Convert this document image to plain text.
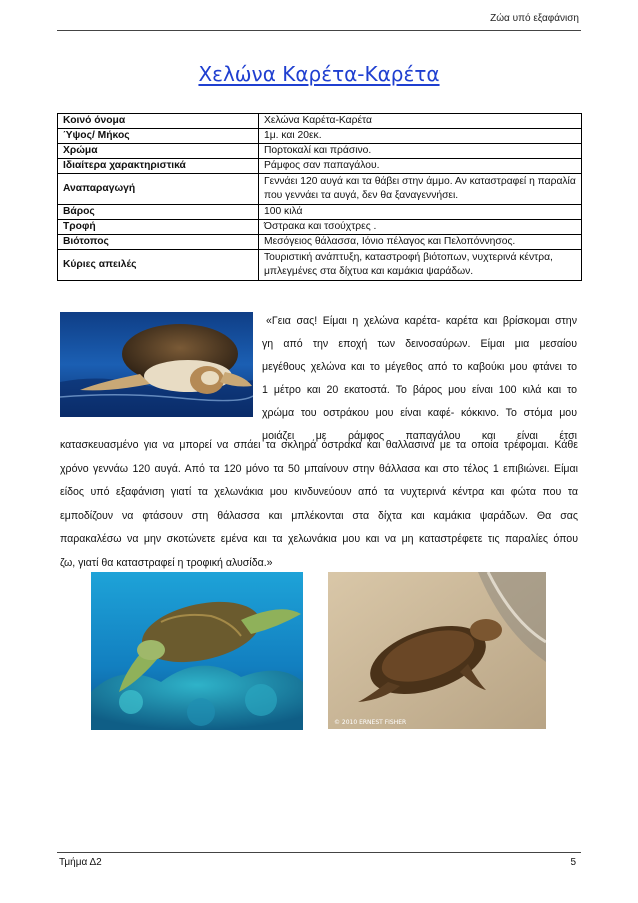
Ζώα υπό εξαφάνιση
Χελώνα Καρέτα-Καρέτα
Κοινό όνομα	Χελώνα Καρέτα-Καρέτα
Ύψος/ Μήκος	1μ. και 20εκ.
Χρώμα	Πορτοκαλί και πράσινο.
Ιδιαίτερα χαρακτηριστικά	Ράμφος σαν παπαγάλου.
Αναπαραγωγή	Γεννάει 120 αυγά και τα θάβει στην άμμο. Αν καταστραφεί η παραλία που γεννάει τα αυγά, δεν θα ξαναγεννήσει.
Βάρος	100 κιλά
Τροφή	Όστρακα και τσούχτρες .
Βιότοπος	Μεσόγειος θάλασσα, Ιόνιο πέλαγος και Πελοπόννησος.
Κύριες απειλές	Τουριστική ανάπτυξη, καταστροφή βιότοπων, νυχτερινά κέντρα, μπλεγμένες στα δίχτυα και καμάκια ψαράδων.
«Γεια σας! Είμαι η χελώνα καρέτα- καρέτα και βρίσκομαι στην
γη από την εποχή των δεινοσαύρων. Είμαι μια μεσαίου
μεγέθους χελώνα και το μέγεθος από το καβούκι μου φτάνει το
1 μέτρο και 20 εκατοστά. Το βάρος μου είναι 100 κιλά και το
χρώμα του οστράκου μου είναι καφέ- κόκκινο. Το στόμα μου
μοιάζει με ράμφος παπαγάλου και είναι έτσι
κατασκευασμένο για να μπορεί να σπάει τα σκληρά όστρακα και θαλλασινά με τα οποία τρέφομαι. Κάθε
χρόνο γεννάω 120 αυγά. Από τα 120 μόνο τα 50 μπαίνουν στην θάλλασα και στο τέλος 1 επιβιώνει. Είμαι
είδος υπό εξαφάνιση γιατί τα χελωνάκια μου κινδυνεύουν από τα νυχτερινά κέντρα και φώτα που τα
εμποδίζουν να φτάσουν στη θάλασσα και μπλέκονται στα δίχτα και καμάκια ψαράδων. Θα σας
παρακαλέσω να μην σκοτώνετε εμένα και τα χελωνάκια μου και να μη καταστρέφετε τις παραλίες όπου
ζω, γιατί θα καταστραφεί η τροφική αλυσίδα.»
© 2010 ERNEST FISHER
Τμήμα Δ2	5
